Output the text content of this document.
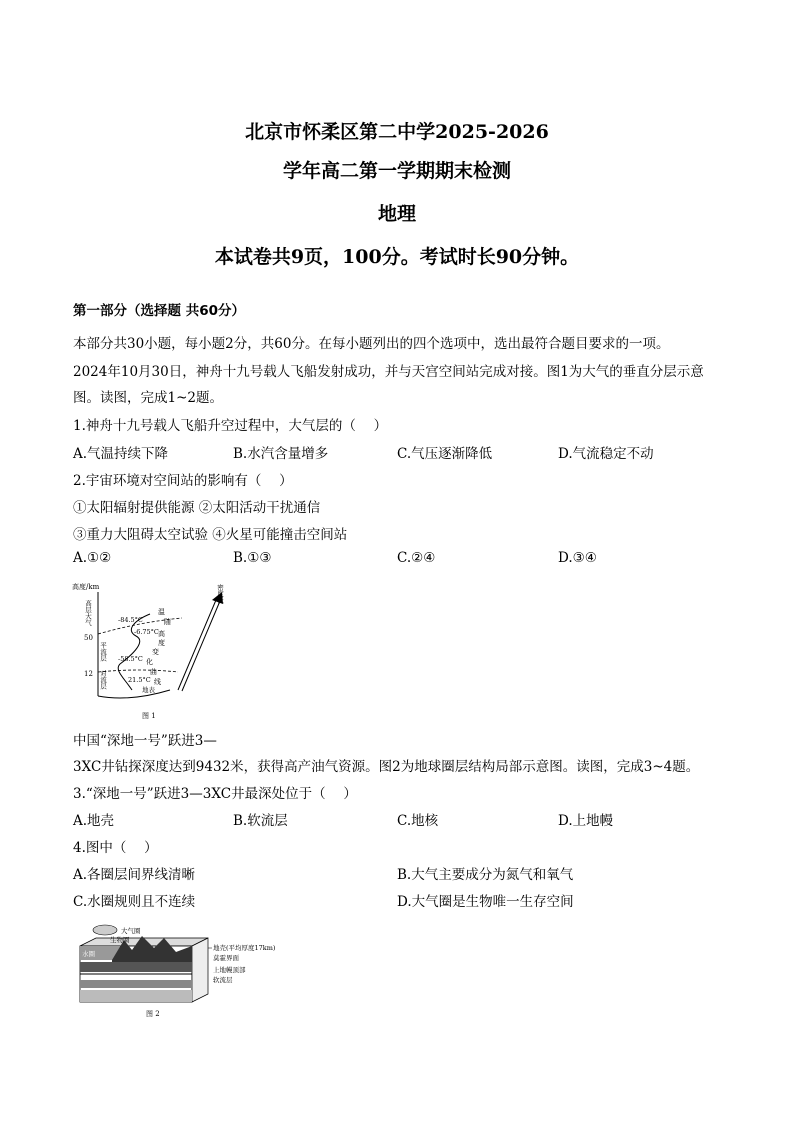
北京市怀柔区第二中学2025-2026
学年高二第一学期期末检测
地理
本试卷共9页，100分。考试时长90分钟。
第一部分（选择题 共60分）
本部分共30小题，每小题2分，共60分。在每小题列出的四个选项中，选出最符合题目要求的一项。
2024年10月30日，神舟十九号载人飞船发射成功，并与天宫空间站完成对接。图1为大气的垂直分层示意
图。读图，完成1~2题。
1.神舟十九号载人飞船升空过程中，大气层的（　 ）
A.气温持续下降	B.水汽含量增多	C.气压逐渐降低	D.气流稳定不动
2.宇宙环境对空间站的影响有（　 ）
①太阳辐射提供能源 ②太阳活动干扰通信
③重力大阻碍太空试验 ④火星可能撞击空间站
A.①②	B.①③	C.②④	D.③④
高度/km
50
12
高层大气
平流层
对流层
-84.5°C
-6.75°C
-58.5°C
21.5°C
温
随
高
度
变
化
曲
线
地表
密度低
图 1
中国“深地一号”跃进3—
3XC井钻探深度达到9432米，获得高产油气资源。图2为地球圈层结构局部示意图。读图，完成3~4题。
3.“深地一号”跃进3—3XC井最深处位于（　 ）
A.地壳	B.软流层	C.地核	D.上地幔
4.图中（　 ）
A.各圈层间界线清晰	B.大气主要成分为氮气和氧气
C.水圈规则且不连续	D.大气圈是生物唯一生存空间
大气圈
生物圈
水圈
地壳(平均厚度17km)
莫霍界面
上地幔顶部
软流层
图 2
